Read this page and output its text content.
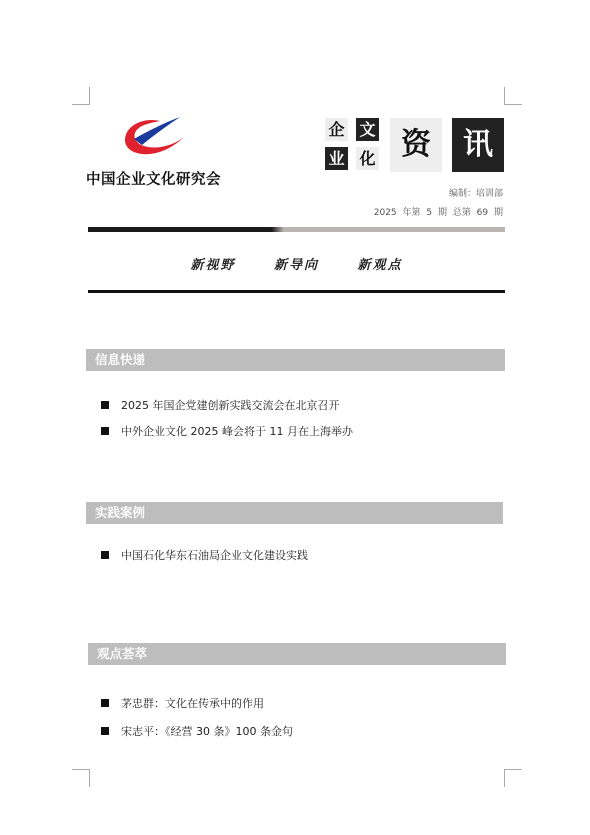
中国企业文化研究会
企 文
业 化 资	讯
编制：培训部
2025 年第 5 期 总第 69 期
新视野	新导向	新观点
信息快递
2025 年国企党建创新实践交流会在北京召开
中外企业文化 2025 峰会将于 11 月在上海举办
实践案例
中国石化华东石油局企业文化建设实践
观点荟萃
茅忠群：文化在传承中的作用
宋志平：《经营 30 条》100 条金句
